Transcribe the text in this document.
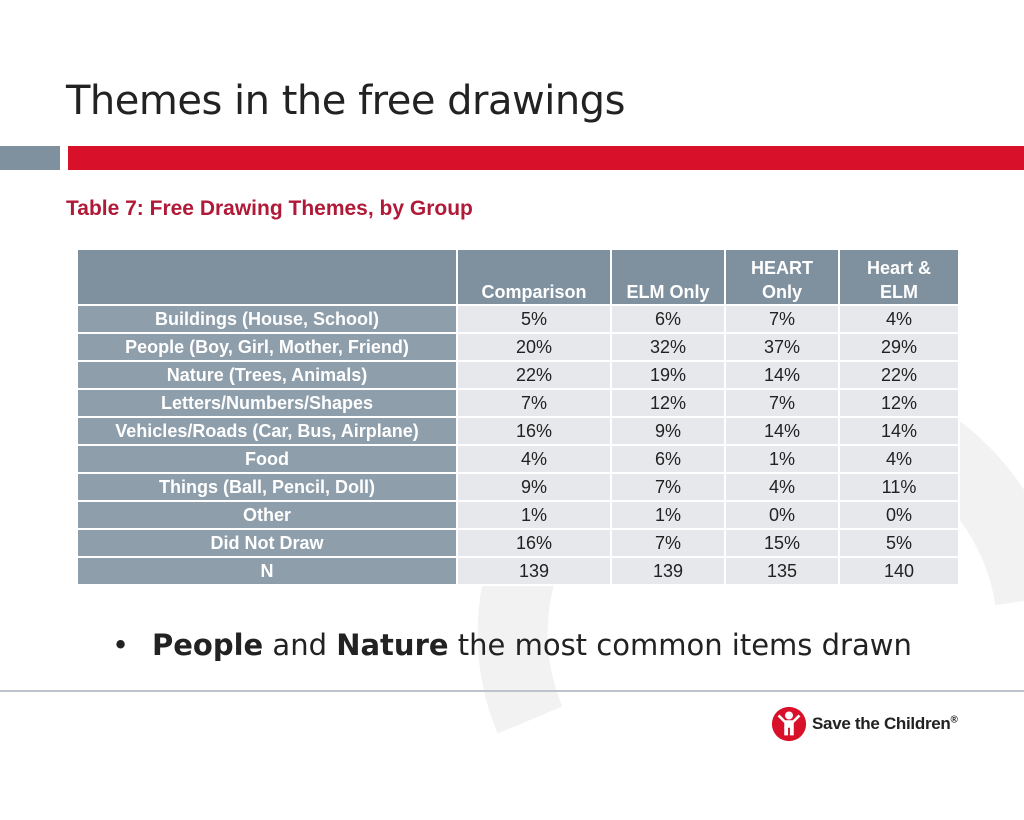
Themes in the free drawings
Table 7: Free Drawing Themes, by Group
	Comparison	ELM Only	HEART Only	Heart & ELM

Buildings (House, School)	5%	6%	7%	4%
People (Boy, Girl, Mother, Friend)	20%	32%	37%	29%
Nature (Trees, Animals)	22%	19%	14%	22%
Letters/Numbers/Shapes	7%	12%	7%	12%
Vehicles/Roads (Car, Bus, Airplane)	16%	9%	14%	14%
Food	4%	6%	1%	4%
Things (Ball, Pencil, Doll)	9%	7%	4%	11%
Other	1%	1%	0%	0%
Did Not Draw	16%	7%	15%	5%
N	139	139	135	140

• People and Nature the most common items drawn

Save the Children®
